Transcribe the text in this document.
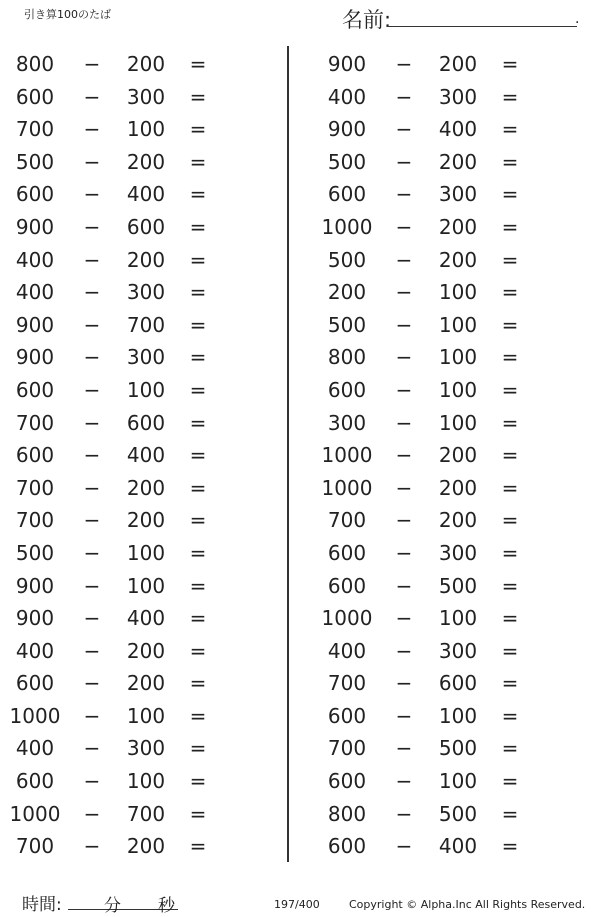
引き算100のたば	名前:	.
800	−	200	=
600	−	300	=
700	−	100	=
500	−	200	=
600	−	400	=
900	−	600	=
400	−	200	=
400	−	300	=
900	−	700	=
900	−	300	=
600	−	100	=
700	−	600	=
600	−	400	=
700	−	200	=
700	−	200	=
500	−	100	=
900	−	100	=
900	−	400	=
400	−	200	=
600	−	200	=
1000 −	100	=
400	−	300	=
600	−	100	=
1000 −	700	=
700	−	200	=
900	−	200	=
400	−	300	=
900	−	400	=
500	−	200	=
600	−	300	=
1000 −	200	=
500	−	200	=
200	−	100	=
500	−	100	=
800	−	100	=
600	−	100	=
300	−	100	=
1000 −	200	=
1000 −	200	=
700	−	200	=
600	−	300	=
600	−	500	=
1000 −	100	=
400	−	300	=
700	−	600	=
600	−	100	=
700	−	500	=
600	−	100	=
800	−	500	=
600	−	400	=
時間: 分 秒	197/400	Copyright © Alpha.Inc All Rights Reserved.
